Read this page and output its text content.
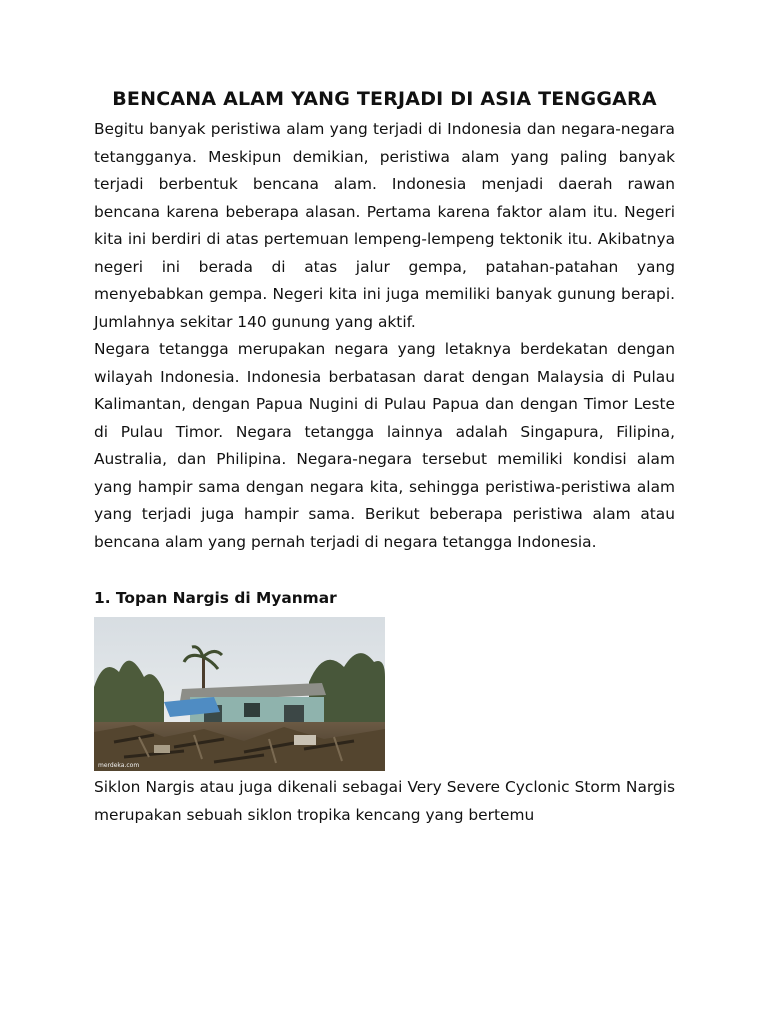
BENCANA ALAM YANG TERJADI DI ASIA TENGGARA

Begitu banyak peristiwa alam yang terjadi di Indonesia dan negara-negara tetangganya. Meskipun demikian, peristiwa alam yang paling banyak terjadi berbentuk bencana alam. Indonesia menjadi daerah rawan bencana karena beberapa alasan. Pertama karena faktor alam itu. Negeri kita ini berdiri di atas pertemuan lempeng-lempeng tektonik itu. Akibatnya negeri ini berada di atas jalur gempa, patahan-patahan yang menyebabkan gempa. Negeri kita ini juga memiliki banyak gunung berapi. Jumlahnya sekitar 140 gunung yang aktif.

Negara tetangga merupakan negara yang letaknya berdekatan dengan wilayah Indonesia. Indonesia berbatasan darat dengan Malaysia di Pulau Kalimantan, dengan Papua Nugini di Pulau Papua dan dengan Timor Leste di Pulau Timor. Negara tetangga lainnya adalah Singapura, Filipina, Australia, dan Philipina. Negara-negara tersebut memiliki kondisi alam yang hampir sama dengan negara kita, sehingga peristiwa-peristiwa alam yang terjadi juga hampir sama. Berikut beberapa peristiwa alam atau bencana alam yang pernah terjadi di negara tetangga Indonesia.

1. Topan Nargis di Myanmar
merdeka.com

Siklon Nargis atau juga dikenali sebagai Very Severe Cyclonic Storm Nargis merupakan sebuah siklon tropika kencang yang bertemu
